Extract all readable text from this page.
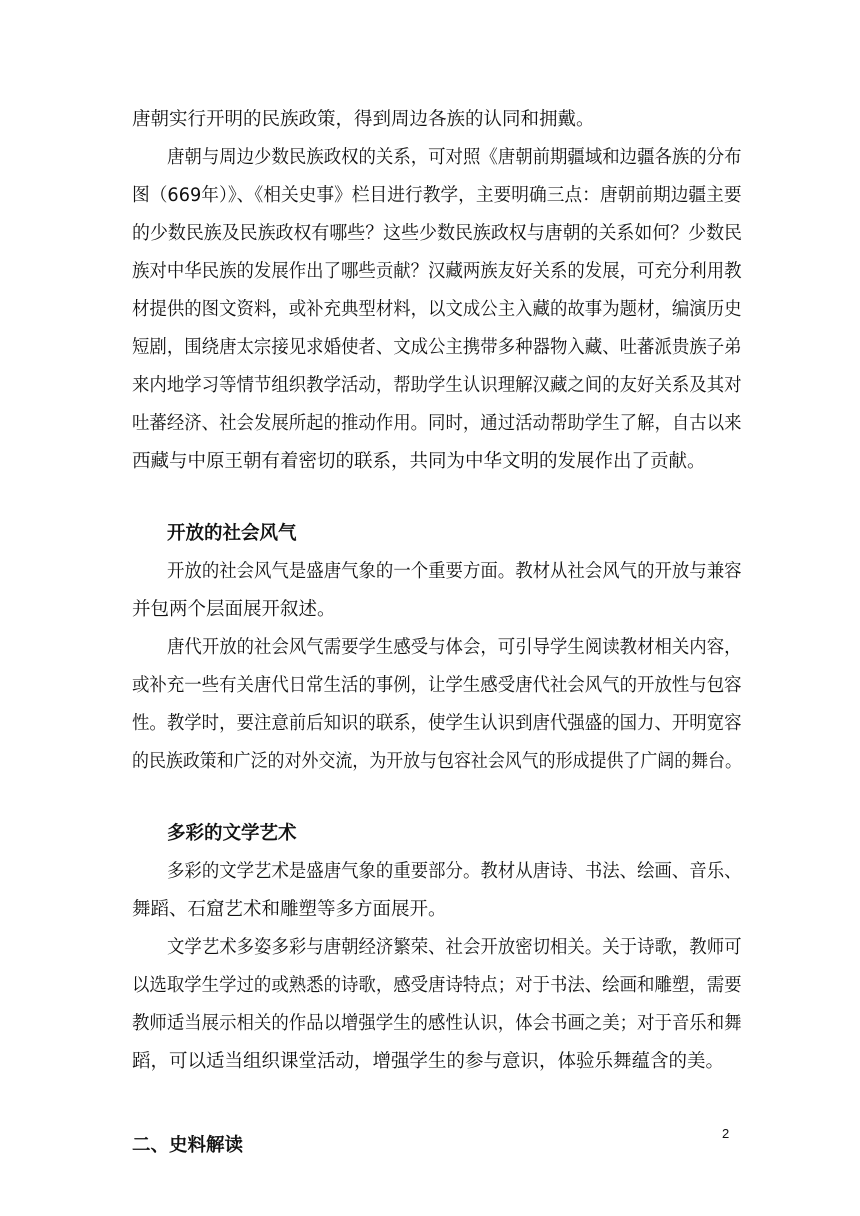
唐朝实行开明的民族政策，得到周边各族的认同和拥戴。
唐朝与周边少数民族政权的关系，可对照《唐朝前期疆域和边疆各族的分布
图（669年）》、《相关史事》栏目进行教学，主要明确三点：唐朝前期边疆主要
的少数民族及民族政权有哪些？这些少数民族政权与唐朝的关系如何？少数民
族对中华民族的发展作出了哪些贡献？汉藏两族友好关系的发展，可充分利用教
材提供的图文资料，或补充典型材料，以文成公主入藏的故事为题材，编演历史
短剧，围绕唐太宗接见求婚使者、文成公主携带多种器物入藏、吐蕃派贵族子弟
来内地学习等情节组织教学活动，帮助学生认识理解汉藏之间的友好关系及其对
吐蕃经济、社会发展所起的推动作用。同时，通过活动帮助学生了解，自古以来
西藏与中原王朝有着密切的联系，共同为中华文明的发展作出了贡献。
开放的社会风气
开放的社会风气是盛唐气象的一个重要方面。教材从社会风气的开放与兼容
并包两个层面展开叙述。
唐代开放的社会风气需要学生感受与体会，可引导学生阅读教材相关内容，
或补充一些有关唐代日常生活的事例，让学生感受唐代社会风气的开放性与包容
性。教学时，要注意前后知识的联系，使学生认识到唐代强盛的国力、开明宽容
的民族政策和广泛的对外交流，为开放与包容社会风气的形成提供了广阔的舞台。
多彩的文学艺术
多彩的文学艺术是盛唐气象的重要部分。教材从唐诗、书法、绘画、音乐、
舞蹈、石窟艺术和雕塑等多方面展开。
文学艺术多姿多彩与唐朝经济繁荣、社会开放密切相关。关于诗歌，教师可
以选取学生学过的或熟悉的诗歌，感受唐诗特点；对于书法、绘画和雕塑，需要
教师适当展示相关的作品以增强学生的感性认识，体会书画之美；对于音乐和舞
蹈，可以适当组织课堂活动，增强学生的参与意识，体验乐舞蕴含的美。
二、史料解读
2
